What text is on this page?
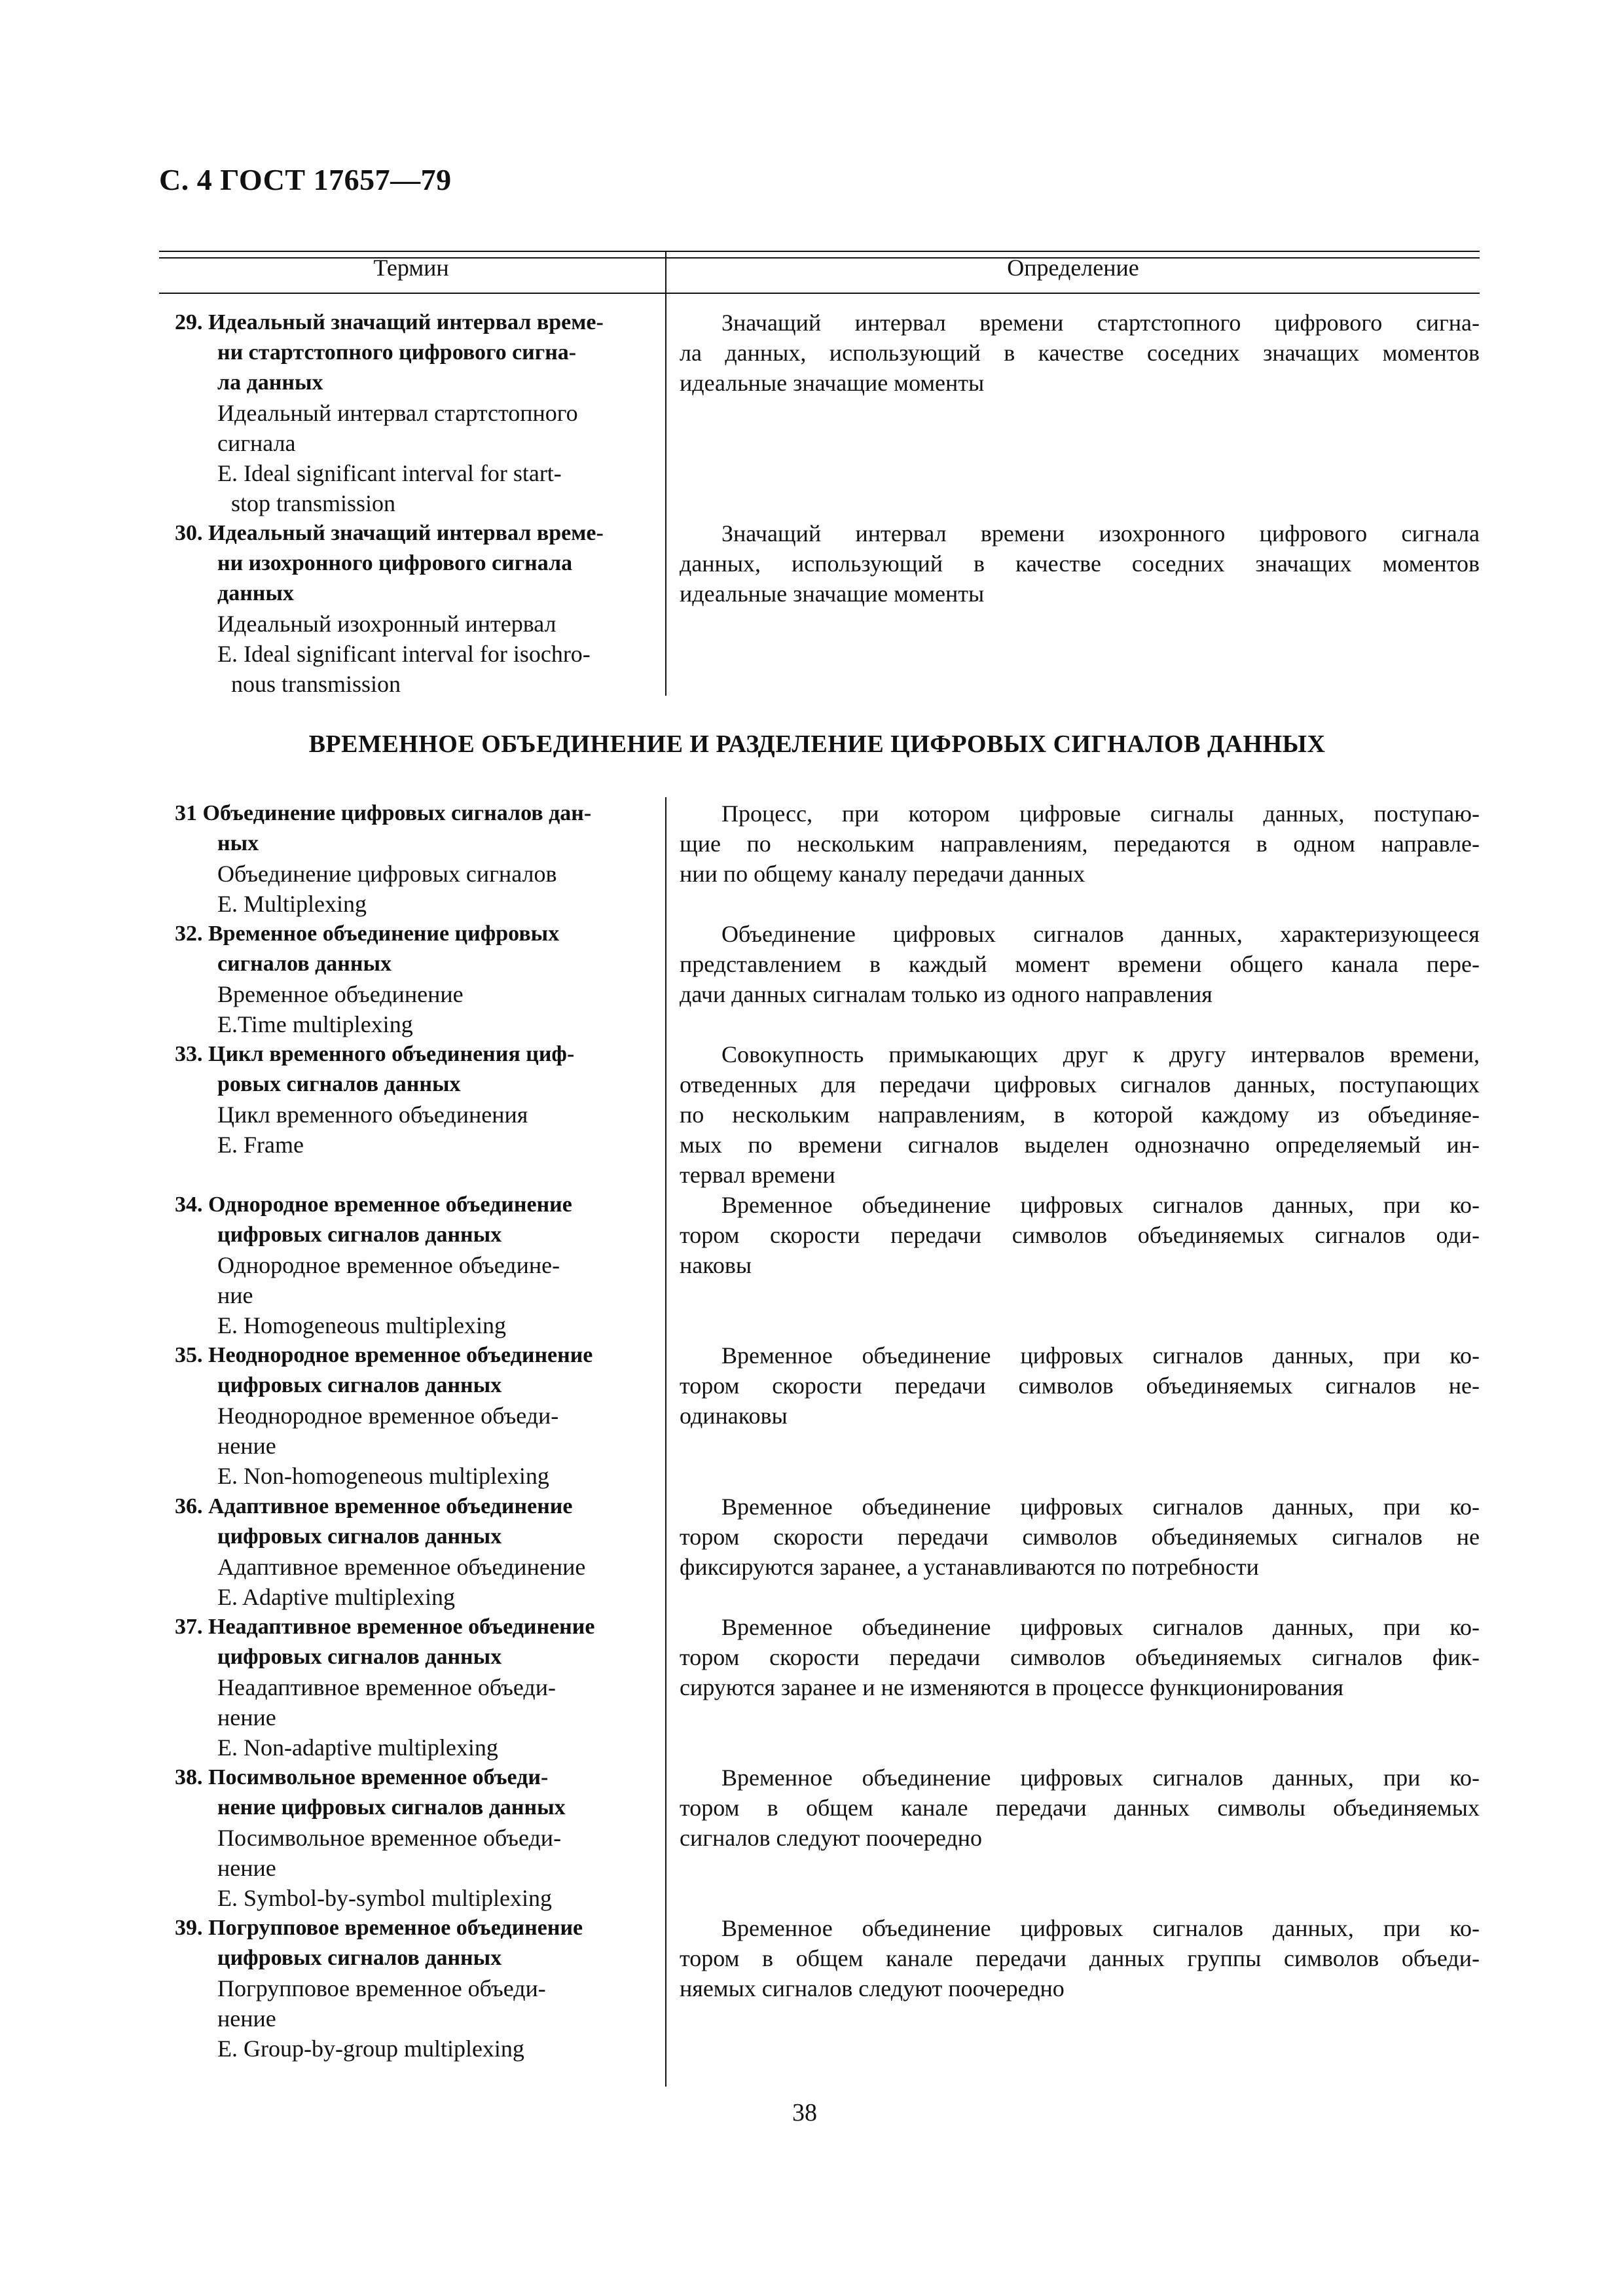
С. 4 ГОСТ 17657—79
Термин	Определение
ВРЕМЕННОЕ ОБЪЕДИНЕНИЕ И РАЗДЕЛЕНИЕ ЦИФРОВЫХ СИГНАЛОВ ДАННЫХ
29. Идеальный значащий интервал време-
ни стартстопного цифрового сигна-
ла данных
Идеальный интервал стартстопного
сигнала
E. Ideal significant interval for start-
stop transmission
Значащий интервал времени стартстопного цифрового сигна-
ла данных, использующий в качестве соседних значащих моментов
идеальные значащие моменты
30. Идеальный значащий интервал време-
ни изохронного цифрового сигнала
данных
Идеальный изохронный интервал
E. Ideal significant interval for isochro-
nous transmission
Значащий интервал времени изохронного цифрового сигнала
данных, использующий в качестве соседних значащих моментов
идеальные значащие моменты
31 Объединение цифровых сигналов дан-
ных
Объединение цифровых сигналов
E. Multiplexing
Процесс, при котором цифровые сигналы данных, поступаю-
щие по нескольким направлениям, передаются в одном направле-
нии по общему каналу передачи данных
32. Временное объединение цифровых
сигналов данных
Временное объединение
E.Time multiplexing
Объединение цифровых сигналов данных, характеризующееся
представлением в каждый момент времени общего канала пере-
дачи данных сигналам только из одного направления
33. Цикл временного объединения циф-
ровых сигналов данных
Цикл временного объединения
E. Frame
Совокупность примыкающих друг к другу интервалов времени,
отведенных для передачи цифровых сигналов данных, поступающих
по нескольким направлениям, в которой каждому из объединяе-
мых по времени сигналов выделен однозначно определяемый ин-
тервал времени
34. Однородное временное объединение
цифровых сигналов данных
Однородное временное объедине-
ние
E. Homogeneous multiplexing
Временное объединение цифровых сигналов данных, при ко-
тором скорости передачи символов объединяемых сигналов оди-
наковы
35. Неоднородное временное объединение
цифровых сигналов данных
Неоднородное временное объеди-
нение
E. Non-homogeneous multiplexing
Временное объединение цифровых сигналов данных, при ко-
тором скорости передачи символов объединяемых сигналов не-
одинаковы
36. Адаптивное временное объединение
цифровых сигналов данных
Адаптивное временное объединение
E. Adaptive multiplexing
Временное объединение цифровых сигналов данных, при ко-
тором скорости передачи символов объединяемых сигналов не
фиксируются заранее, а устанавливаются по потребности
37. Неадаптивное временное объединение
цифровых сигналов данных
Неадаптивное временное объеди-
нение
E. Non-adaptive multiplexing
Временное объединение цифровых сигналов данных, при ко-
тором скорости передачи символов объединяемых сигналов фик-
сируются заранее и не изменяются в процессе функционирования
38. Посимвольное временное объеди-
нение цифровых сигналов данных
Посимвольное временное объеди-
нение
E. Symbol-by-symbol multiplexing
Временное объединение цифровых сигналов данных, при ко-
тором в общем канале передачи данных символы объединяемых
сигналов следуют поочередно
39. Погрупповое временное объединение
цифровых сигналов данных
Погрупповое временное объеди-
нение
E. Group-by-group multiplexing
Временное объединение цифровых сигналов данных, при ко-
тором в общем канале передачи данных группы символов объеди-
няемых сигналов следуют поочередно
38
